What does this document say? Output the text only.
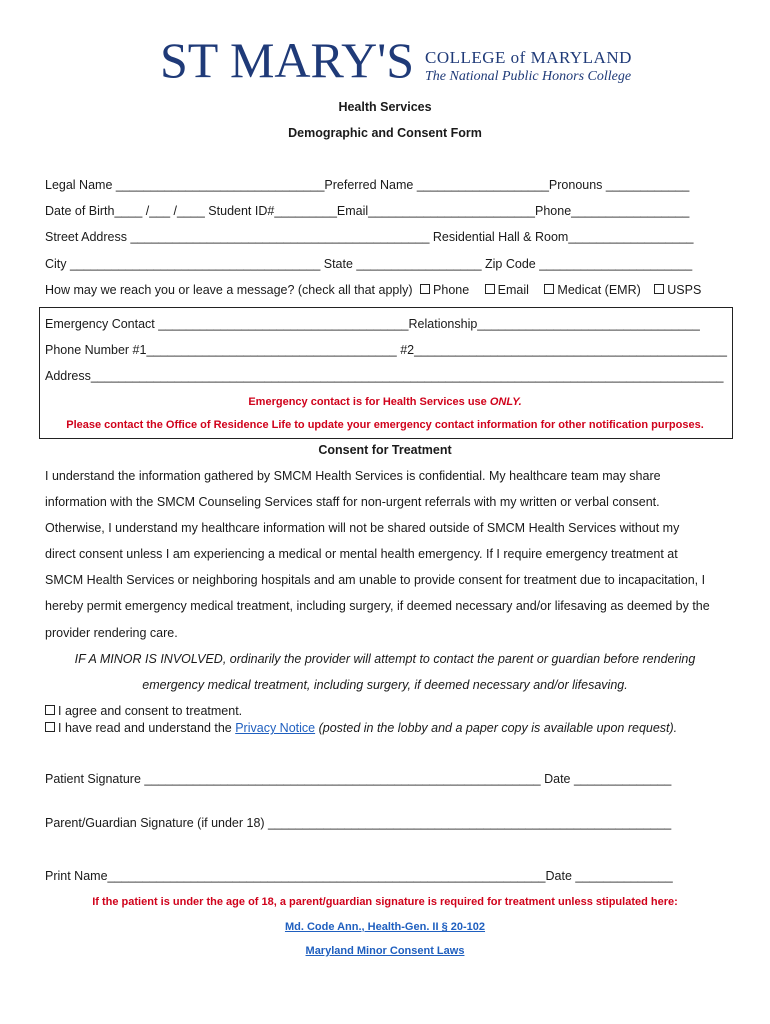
ST MARY'S COLLEGE of MARYLAND
The National Public Honors College
Health Services
Demographic and Consent Form
Legal Name ______________________________Preferred Name ___________________Pronouns ____________
Date of Birth____ /___ /____ Student ID#_________Email________________________Phone_________________
Street Address ___________________________________________ Residential Hall & Room__________________
City ____________________________________ State __________________ Zip Code ______________________
How may we reach you or leave a message? (check all that apply) Phone Email Medicat (EMR) USPS
Emergency Contact ____________________________________Relationship________________________________
Phone Number #1____________________________________ #2_____________________________________________
Address___________________________________________________________________________________________
Emergency contact is for Health Services use ONLY.
Please contact the Office of Residence Life to update your emergency contact information for other notification purposes.
Consent for Treatment
I understand the information gathered by SMCM Health Services is confidential. My healthcare team may share
information with the SMCM Counseling Services staff for non-urgent referrals with my written or verbal consent.
Otherwise, I understand my healthcare information will not be shared outside of SMCM Health Services without my
direct consent unless I am experiencing a medical or mental health emergency. If I require emergency treatment at
SMCM Health Services or neighboring hospitals and am unable to provide consent for treatment due to incapacitation, I
hereby permit emergency medical treatment, including surgery, if deemed necessary and/or lifesaving as deemed by the
provider rendering care.
IF A MINOR IS INVOLVED, ordinarily the provider will attempt to contact the parent or guardian before rendering
emergency medical treatment, including surgery, if deemed necessary and/or lifesaving.
I agree and consent to treatment.
I have read and understand the Privacy Notice (posted in the lobby and a paper copy is available upon request).
Patient Signature _________________________________________________________ Date ______________
Parent/Guardian Signature (if under 18) __________________________________________________________
Print Name_______________________________________________________________Date ______________
If the patient is under the age of 18, a parent/guardian signature is required for treatment unless stipulated here:
Md. Code Ann., Health-Gen. II § 20-102
Maryland Minor Consent Laws
